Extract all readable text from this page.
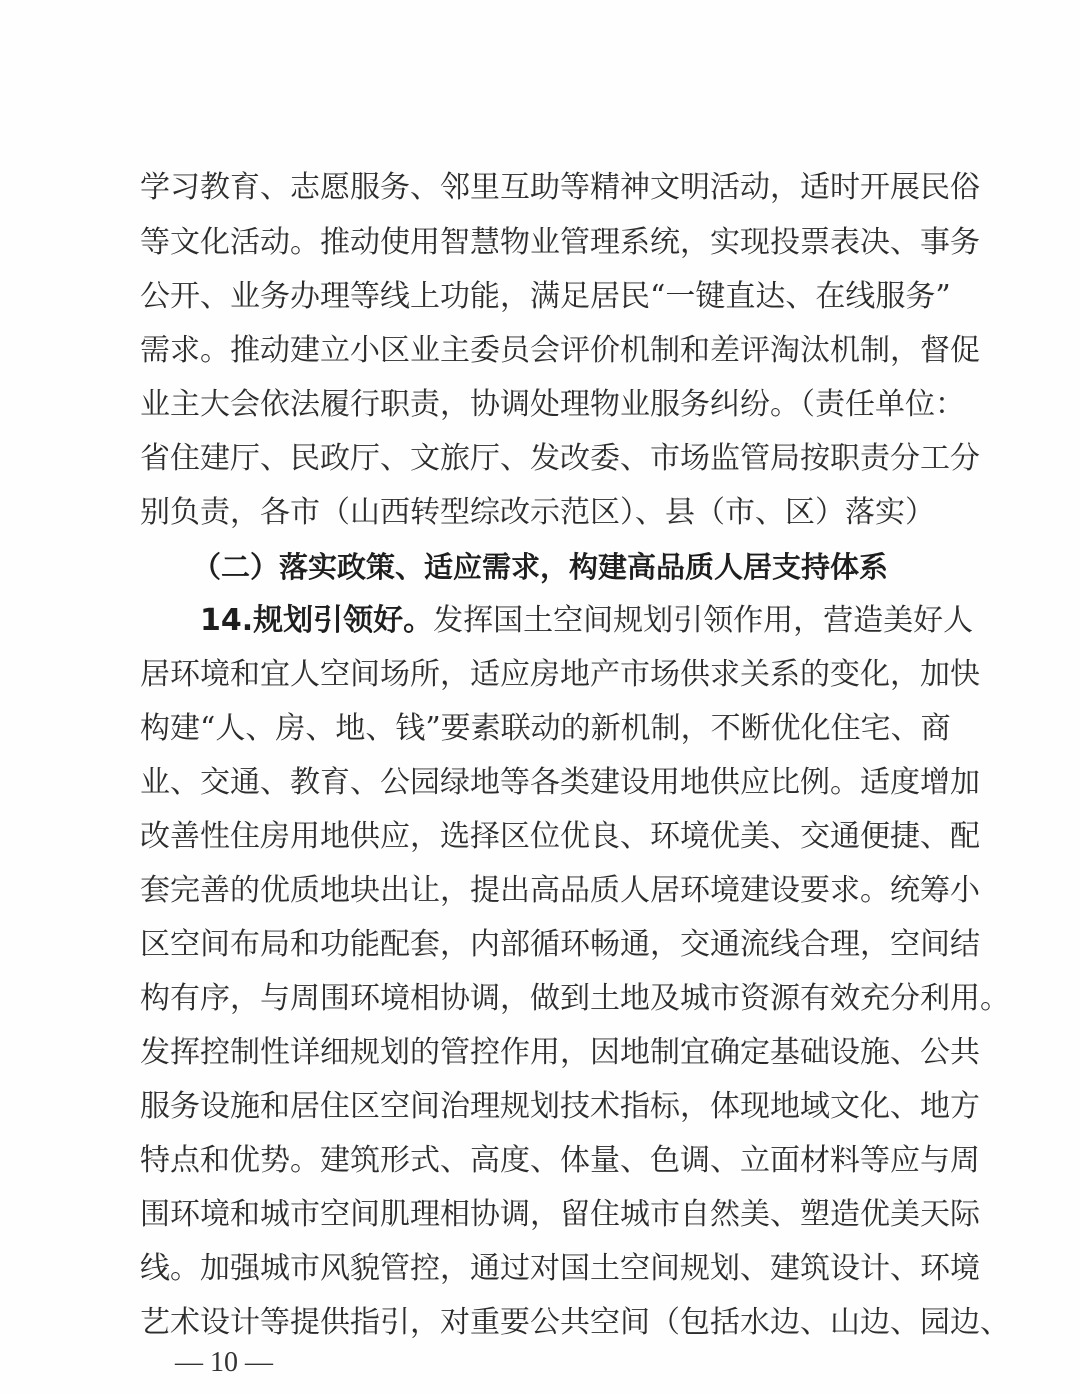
学习教育、志愿服务、邻里互助等精神文明活动，适时开展民俗
等文化活动。推动使用智慧物业管理系统，实现投票表决、事务
公开、业务办理等线上功能，满足居民“一键直达、在线服务”
需求。推动建立小区业主委员会评价机制和差评淘汰机制，督促
业主大会依法履行职责，协调处理物业服务纠纷。（责任单位：
省住建厅、民政厅、文旅厅、发改委、市场监管局按职责分工分
别负责，各市（山西转型综改示范区）、县（市、区）落实）
（二）落实政策、适应需求，构建高品质人居支持体系
14.规划引领好。发挥国土空间规划引领作用，营造美好人
居环境和宜人空间场所，适应房地产市场供求关系的变化，加快
构建“人、房、地、钱”要素联动的新机制，不断优化住宅、商
业、交通、教育、公园绿地等各类建设用地供应比例。适度增加
改善性住房用地供应，选择区位优良、环境优美、交通便捷、配
套完善的优质地块出让，提出高品质人居环境建设要求。统筹小
区空间布局和功能配套，内部循环畅通，交通流线合理，空间结
构有序，与周围环境相协调，做到土地及城市资源有效充分利用。
发挥控制性详细规划的管控作用，因地制宜确定基础设施、公共
服务设施和居住区空间治理规划技术指标，体现地域文化、地方
特点和优势。建筑形式、高度、体量、色调、立面材料等应与周
围环境和城市空间肌理相协调，留住城市自然美、塑造优美天际
线。加强城市风貌管控，通过对国土空间规划、建筑设计、环境
艺术设计等提供指引，对重要公共空间（包括水边、山边、园边、
— 10 —
